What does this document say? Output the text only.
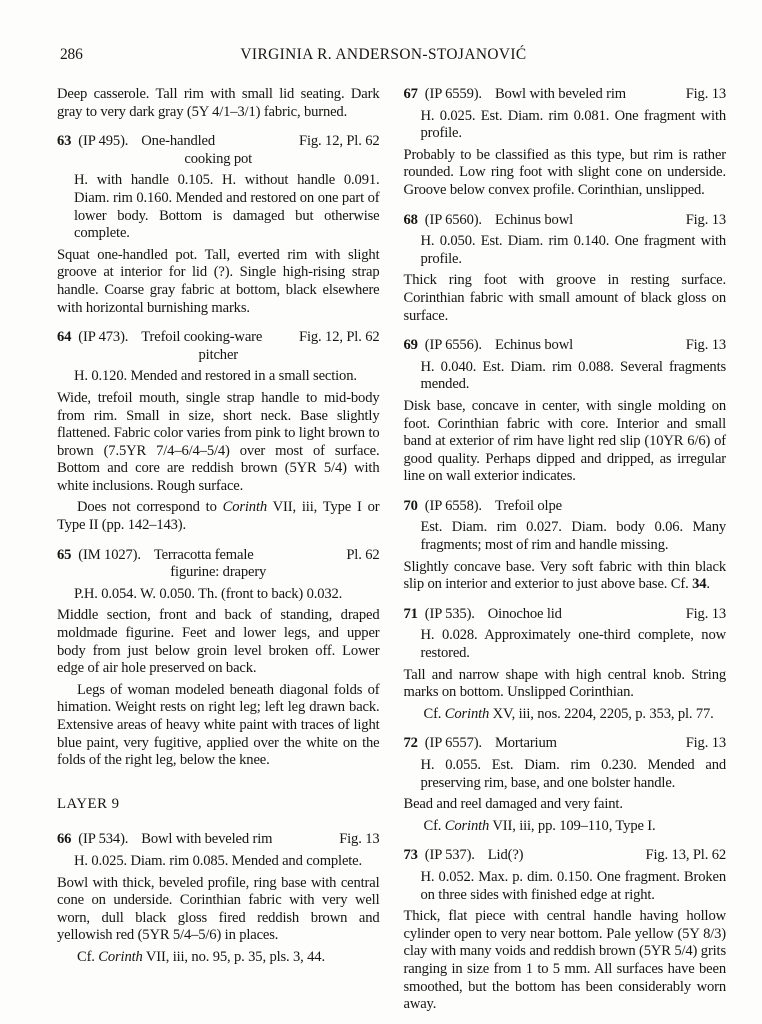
286	VIRGINIA R. ANDERSON-STOJANOVIĆ

Deep casserole. Tall rim with small lid seating. Dark gray to very dark gray (5Y 4/1–3/1) fabric, burned.

63 (IP 495). One-handled	Fig. 12, Pl. 62
cooking pot

H. with handle 0.105. H. without handle 0.091. Diam. rim 0.160. Mended and restored on one part of lower body. Bottom is damaged but otherwise complete.

Squat one-handled pot. Tall, everted rim with slight groove at interior for lid (?). Single high-rising strap handle. Coarse gray fabric at bottom, black elsewhere with horizontal burnishing marks.

64 (IP 473). Trefoil cooking-ware	Fig. 12, Pl. 62
pitcher

H. 0.120. Mended and restored in a small section.

Wide, trefoil mouth, single strap handle to mid-body from rim. Small in size, short neck. Base slightly flattened. Fabric color varies from pink to light brown to brown (7.5YR 7/4–6/4–5/4) over most of surface. Bottom and core are reddish brown (5YR 5/4) with white inclusions. Rough surface.

Does not correspond to Corinth VII, iii, Type I or Type II (pp. 142–143).

65 (IM 1027). Terracotta female	Pl. 62
figurine: drapery

P.H. 0.054. W. 0.050. Th. (front to back) 0.032.

Middle section, front and back of standing, draped moldmade figurine. Feet and lower legs, and upper body from just below groin level broken off. Lower edge of air hole preserved on back.

Legs of woman modeled beneath diagonal folds of himation. Weight rests on right leg; left leg drawn back. Extensive areas of heavy white paint with traces of light blue paint, very fugitive, applied over the white on the folds of the right leg, below the knee.

LAYER 9
66 (IP 534). Bowl with beveled rim	Fig. 13

H. 0.025. Diam. rim 0.085. Mended and complete.

Bowl with thick, beveled profile, ring base with central cone on underside. Corinthian fabric with very well worn, dull black gloss fired reddish brown and yellowish red (5YR 5/4–5/6) in places.

Cf. Corinth VII, iii, no. 95, p. 35, pls. 3, 44.

67 (IP 6559). Bowl with beveled rim	Fig. 13

H. 0.025. Est. Diam. rim 0.081. One fragment with profile.

Probably to be classified as this type, but rim is rather rounded. Low ring foot with slight cone on underside. Groove below convex profile. Corinthian, unslipped.

68 (IP 6560). Echinus bowl	Fig. 13

H. 0.050. Est. Diam. rim 0.140. One fragment with profile.

Thick ring foot with groove in resting surface. Corinthian fabric with small amount of black gloss on surface.

69 (IP 6556). Echinus bowl	Fig. 13

H. 0.040. Est. Diam. rim 0.088. Several fragments mended.

Disk base, concave in center, with single molding on foot. Corinthian fabric with core. Interior and small band at exterior of rim have light red slip (10YR 6/6) of good quality. Perhaps dipped and dripped, as irregular line on wall exterior indicates.

70 (IP 6558). Trefoil olpe

Est. Diam. rim 0.027. Diam. body 0.06. Many fragments; most of rim and handle missing.

Slightly concave base. Very soft fabric with thin black slip on interior and exterior to just above base. Cf. 34.

71 (IP 535). Oinochoe lid	Fig. 13

H. 0.028. Approximately one-third complete, now restored.

Tall and narrow shape with high central knob. String marks on bottom. Unslipped Corinthian.

Cf. Corinth XV, iii, nos. 2204, 2205, p. 353, pl. 77.

72 (IP 6557). Mortarium	Fig. 13

H. 0.055. Est. Diam. rim 0.230. Mended and preserving rim, base, and one bolster handle.

Bead and reel damaged and very faint.

Cf. Corinth VII, iii, pp. 109–110, Type I.

73 (IP 537). Lid(?)	Fig. 13, Pl. 62

H. 0.052. Max. p. dim. 0.150. One fragment. Broken on three sides with finished edge at right.

Thick, flat piece with central handle having hollow cylinder open to very near bottom. Pale yellow (5Y 8/3) clay with many voids and reddish brown (5YR 5/4) grits ranging in size from 1 to 5 mm. All surfaces have been smoothed, but the bottom has been considerably worn away.
